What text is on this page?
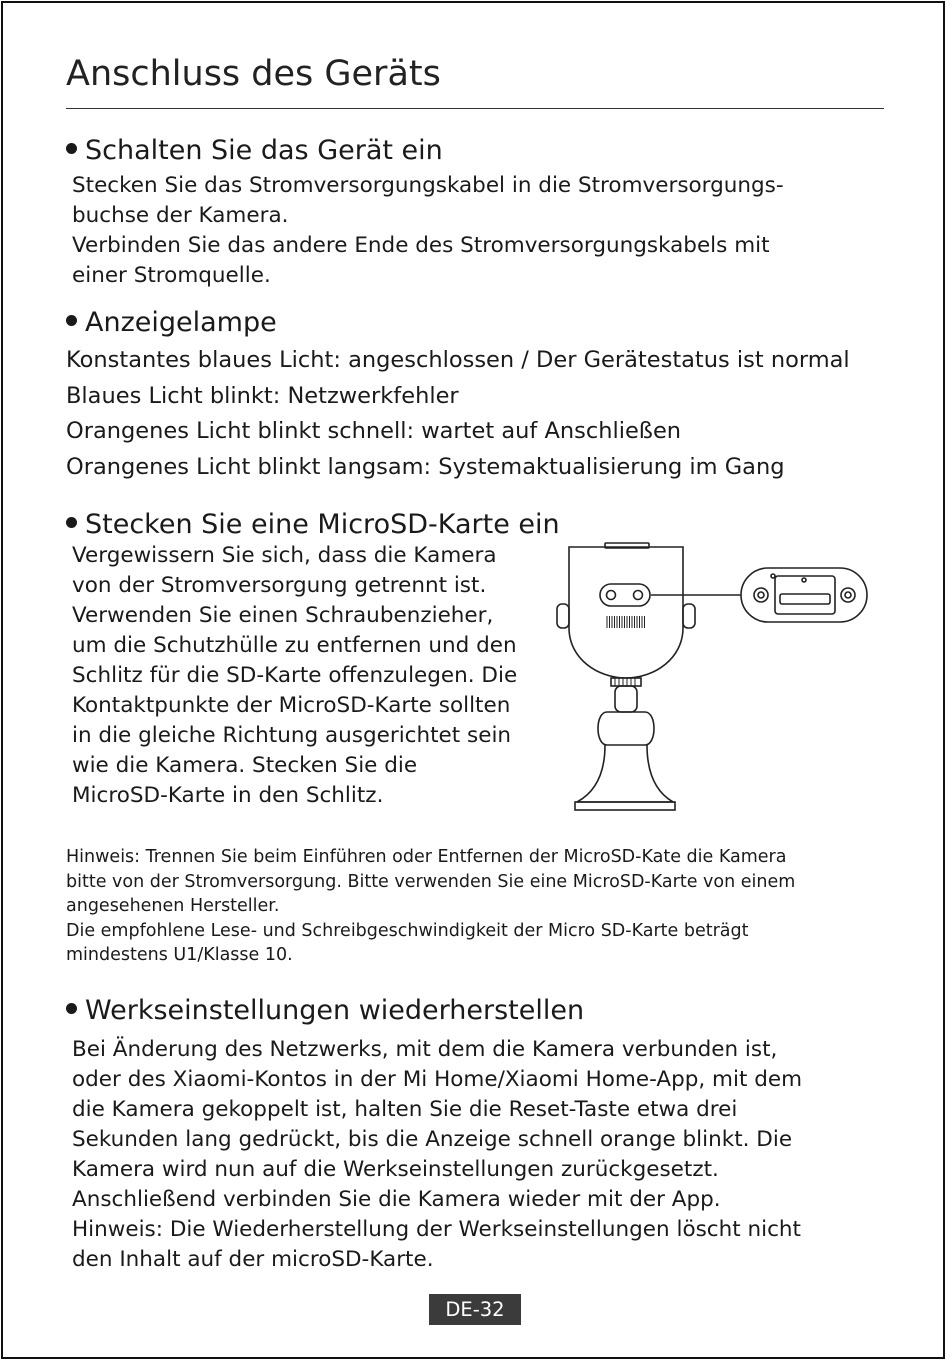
Anschluss des Geräts
Schalten Sie das Gerät ein
Stecken Sie das Stromversorgungskabel in die Stromversorgungs-
buchse der Kamera.
Verbinden Sie das andere Ende des Stromversorgungskabels mit
einer Stromquelle.
Anzeigelampe
Konstantes blaues Licht: angeschlossen / Der Gerätestatus ist normal
Blaues Licht blinkt: Netzwerkfehler
Orangenes Licht blinkt schnell: wartet auf Anschließen
Orangenes Licht blinkt langsam: Systemaktualisierung im Gang
Stecken Sie eine MicroSD-Karte ein
Vergewissern Sie sich, dass die Kamera
von der Stromversorgung getrennt ist.
Verwenden Sie einen Schraubenzieher,
um die Schutzhülle zu entfernen und den
Schlitz für die SD-Karte offenzulegen. Die
Kontaktpunkte der MicroSD-Karte sollten
in die gleiche Richtung ausgerichtet sein
wie die Kamera. Stecken Sie die
MicroSD-Karte in den Schlitz.
Hinweis: Trennen Sie beim Einführen oder Entfernen der MicroSD-Kate die Kamera
bitte von der Stromversorgung. Bitte verwenden Sie eine MicroSD-Karte von einem
angesehenen Hersteller.
Die empfohlene Lese- und Schreibgeschwindigkeit der Micro SD-Karte beträgt
mindestens U1/Klasse 10.
Werkseinstellungen wiederherstellen
Bei Änderung des Netzwerks, mit dem die Kamera verbunden ist,
oder des Xiaomi-Kontos in der Mi Home/Xiaomi Home-App, mit dem
die Kamera gekoppelt ist, halten Sie die Reset-Taste etwa drei
Sekunden lang gedrückt, bis die Anzeige schnell orange blinkt. Die
Kamera wird nun auf die Werkseinstellungen zurückgesetzt.
Anschließend verbinden Sie die Kamera wieder mit der App.
Hinweis: Die Wiederherstellung der Werkseinstellungen löscht nicht
den Inhalt auf der microSD-Karte.
DE-32
